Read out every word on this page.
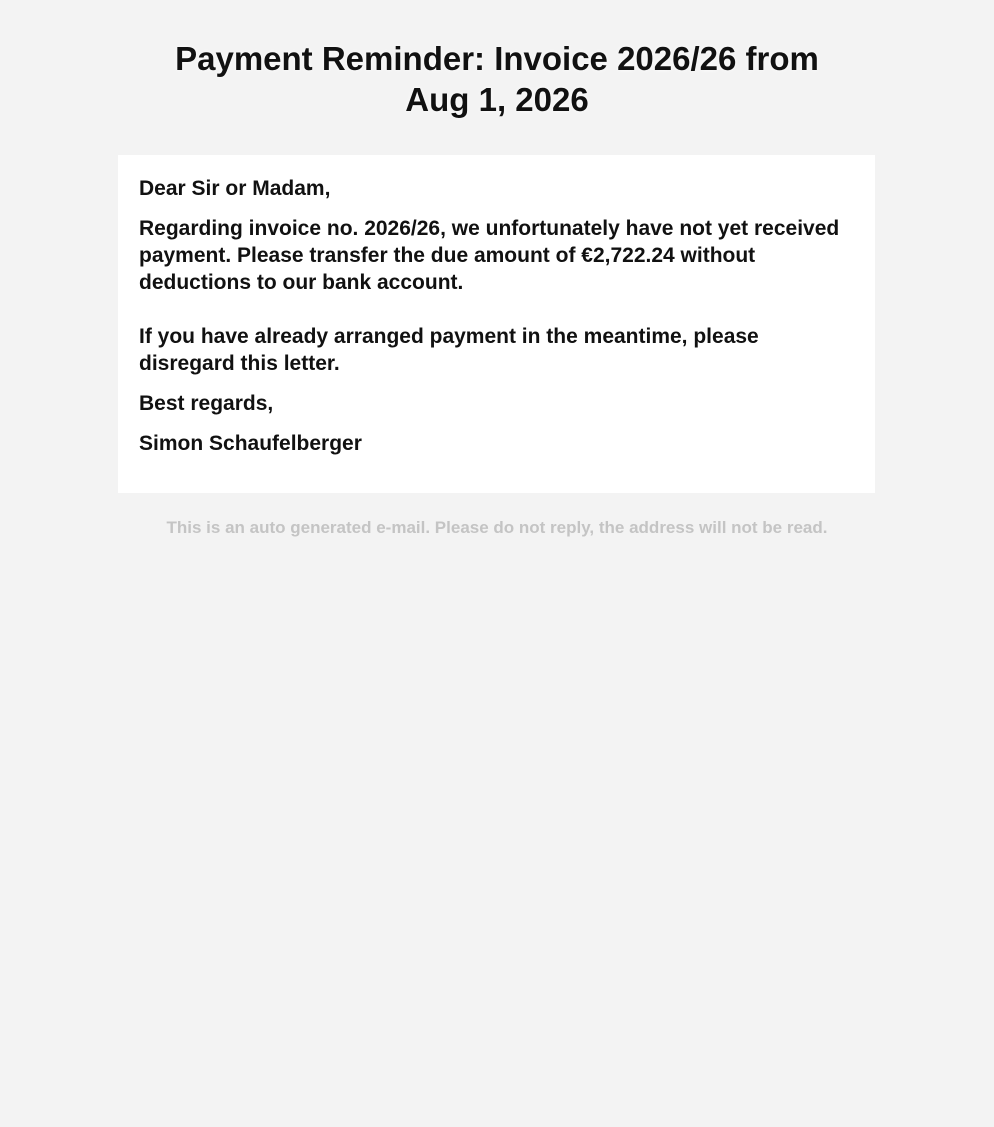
Payment Reminder: Invoice 2026/26 from Aug 1, 2026

Dear Sir or Madam,

Regarding invoice no. 2026/26, we unfortunately have not yet received payment. Please transfer the due amount of €2,722.24 without deductions to our bank account.

If you have already arranged payment in the meantime, please disregard this letter.

Best regards,

Simon Schaufelberger

This is an auto generated e-mail. Please do not reply, the address will not be read.
